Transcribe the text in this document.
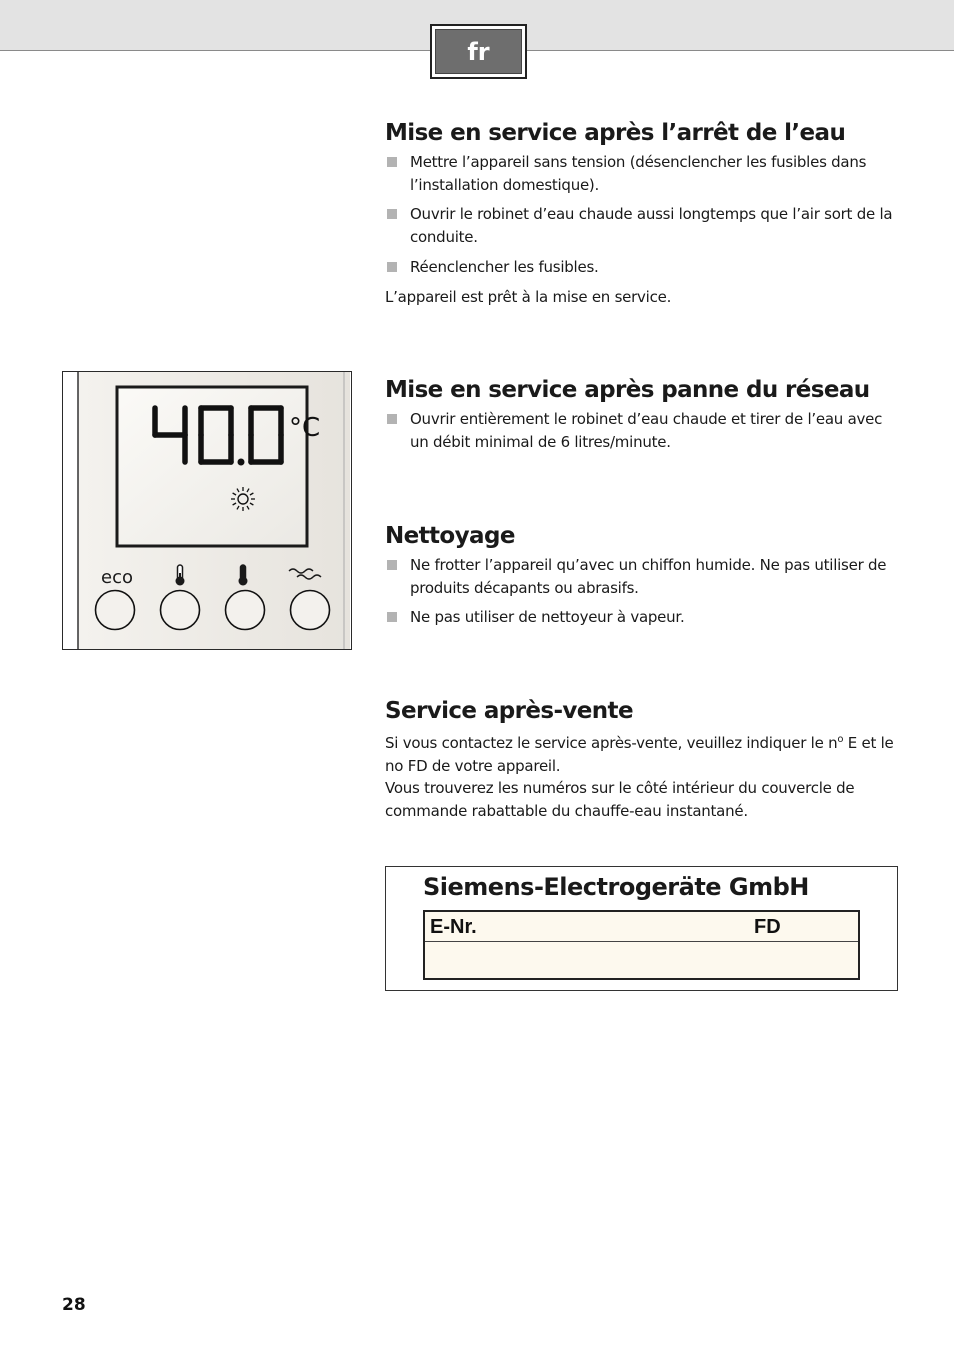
fr
Mise en service après l’arrêt de l’eau
Mettre l’appareil sans tension (désenclencher les fusibles dans l’installation domestique).
Ouvrir le robinet d’eau chaude aussi longtemps que l’air sort de la conduite.
Réenclencher les fusibles.
L’appareil est prêt à la mise en service.
Mise en service après panne du réseau
Ouvrir entièrement le robinet d’eau chaude et tirer de l’eau avec un débit minimal de 6 litres/minute.
Nettoyage
Ne frotter l’appareil qu’avec un chiffon humide. Ne pas utiliser de produits décapants ou abrasifs.
Ne pas utiliser de nettoyeur à vapeur.
Service après-vente
Si vous contactez le service après-vente, veuillez indiquer le $n^o$ E et le no FD de votre appareil.
Vous trouverez les numéros sur le côté intérieur du couvercle de commande rabattable du chauffe-eau instantané.
°C
eco
Siemens-Electrogeräte GmbH
E-Nr.	FD
28
